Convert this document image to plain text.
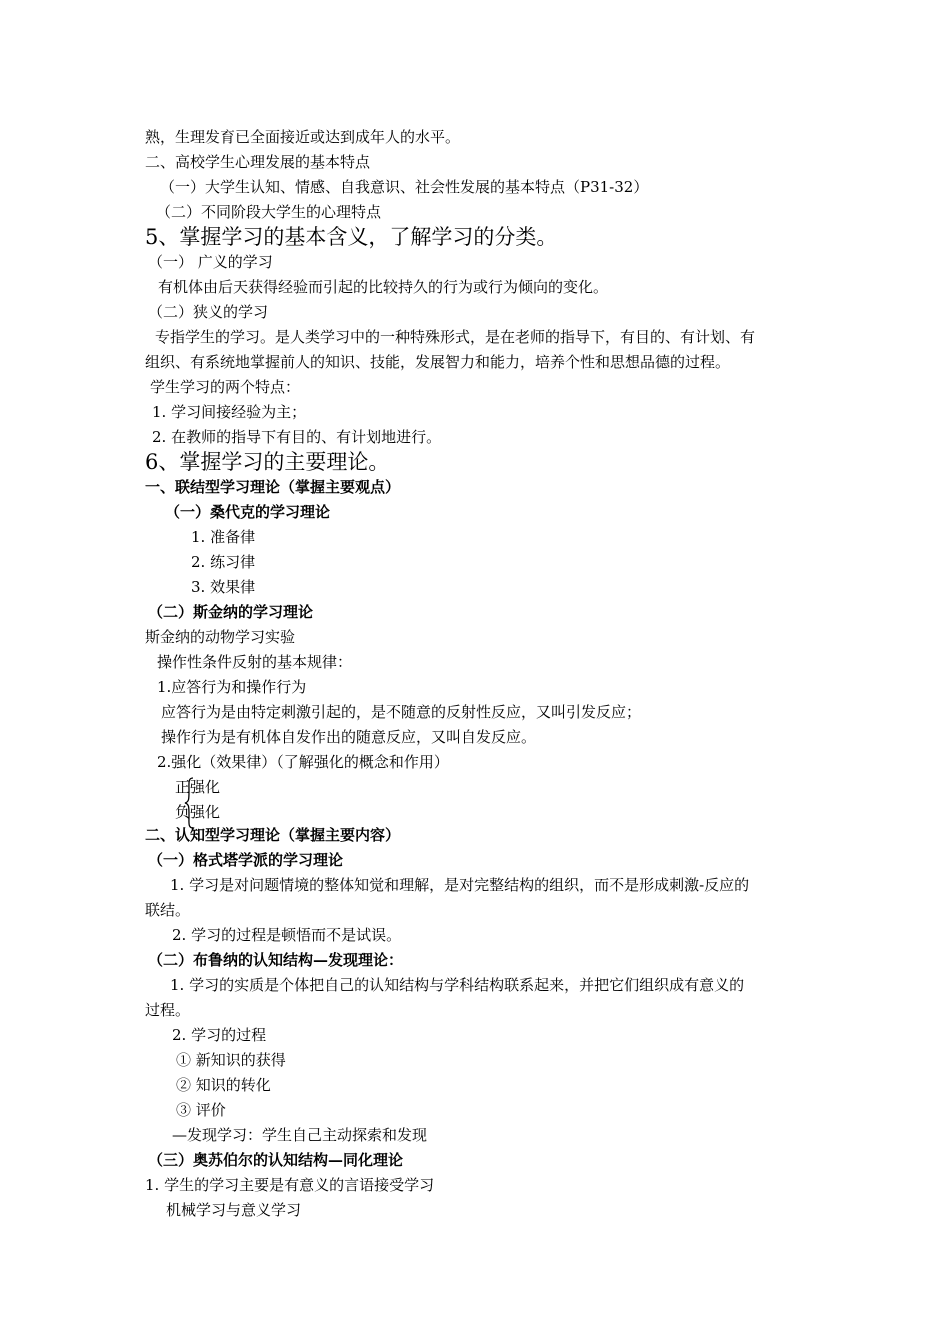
熟，生理发育已全面接近或达到成年人的水平。
二、高校学生心理发展的基本特点
（一）大学生认知、情感、自我意识、社会性发展的基本特点（P31-32）
（二）不同阶段大学生的心理特点
5、掌握学习的基本含义，了解学习的分类。
（一） 广义的学习
有机体由后天获得经验而引起的比较持久的行为或行为倾向的变化。
（二）狭义的学习
专指学生的学习。是人类学习中的一种特殊形式，是在老师的指导下，有目的、有计划、有
组织、有系统地掌握前人的知识、技能，发展智力和能力，培养个性和思想品德的过程。
学生学习的两个特点：
1. 学习间接经验为主；
2. 在教师的指导下有目的、有计划地进行。
6、掌握学习的主要理论。
一、联结型学习理论（掌握主要观点）
（一）桑代克的学习理论
1. 准备律
2. 练习律
3. 效果律
（二）斯金纳的学习理论
斯金纳的动物学习实验
操作性条件反射的基本规律：
1.应答行为和操作行为
应答行为是由特定刺激引起的，是不随意的反射性反应，又叫引发反应；
操作行为是有机体自发作出的随意反应，又叫自发反应。
2.强化（效果律）（了解强化的概念和作用）
正强化
负强化
二、认知型学习理论（掌握主要内容）
（一）格式塔学派的学习理论
1. 学习是对问题情境的整体知觉和理解，是对完整结构的组织，而不是形成刺激-反应的
联结。
2. 学习的过程是顿悟而不是试误。
（二）布鲁纳的认知结构—发现理论：
1. 学习的实质是个体把自己的认知结构与学科结构联系起来，并把它们组织成有意义的
过程。
2. 学习的过程
① 新知识的获得
② 知识的转化
③ 评价
—发现学习：学生自己主动探索和发现
（三）奥苏伯尔的认知结构—同化理论
1. 学生的学习主要是有意义的言语接受学习
机械学习与意义学习
